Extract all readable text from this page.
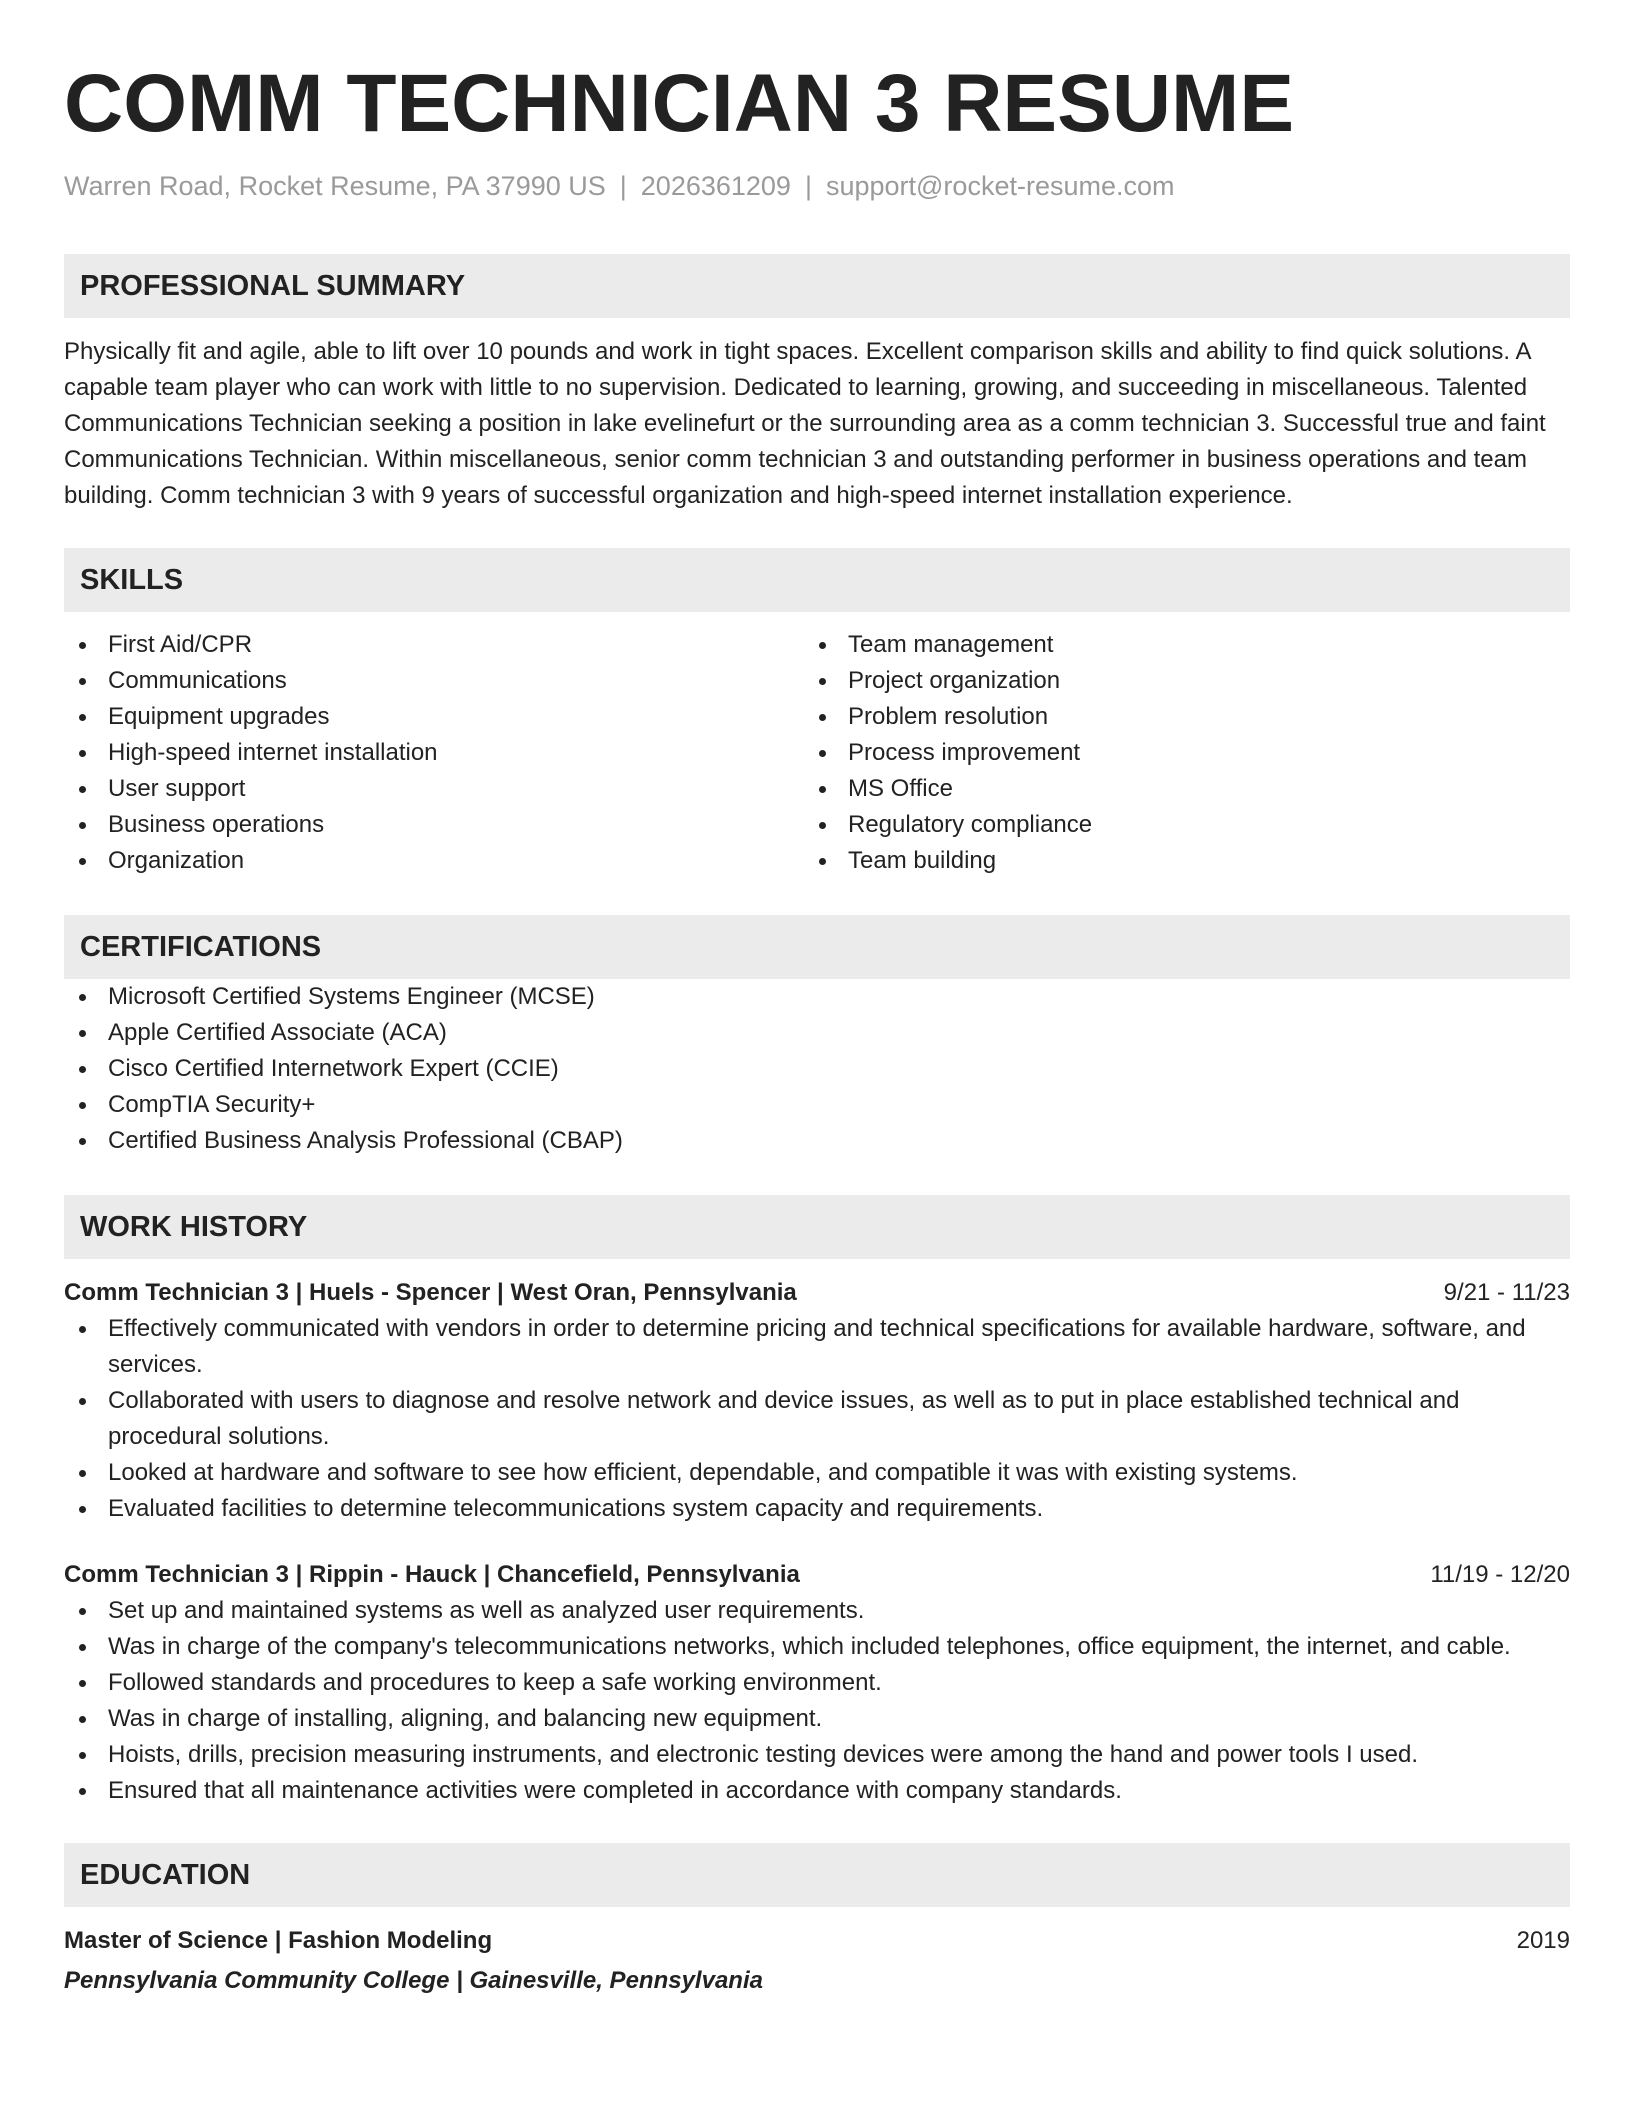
COMM TECHNICIAN 3 RESUME
Warren Road, Rocket Resume, PA 37990 US | 2026361209 | support@rocket-resume.com
PROFESSIONAL SUMMARY
Physically fit and agile, able to lift over 10 pounds and work in tight spaces. Excellent comparison skills and ability to find quick solutions. A capable team player who can work with little to no supervision. Dedicated to learning, growing, and succeeding in miscellaneous. Talented Communications Technician seeking a position in lake evelinefurt or the surrounding area as a comm technician 3. Successful true and faint Communications Technician. Within miscellaneous, senior comm technician 3 and outstanding performer in business operations and team building. Comm technician 3 with 9 years of successful organization and high-speed internet installation experience.
SKILLS
First Aid/CPR
Communications
Equipment upgrades
High-speed internet installation
User support
Business operations
Organization
Team management
Project organization
Problem resolution
Process improvement
MS Office
Regulatory compliance
Team building
CERTIFICATIONS
Microsoft Certified Systems Engineer (MCSE)
Apple Certified Associate (ACA)
Cisco Certified Internetwork Expert (CCIE)
CompTIA Security+
Certified Business Analysis Professional (CBAP)
WORK HISTORY
Comm Technician 3 | Huels - Spencer | West Oran, Pennsylvania	9/21 - 11/23
Effectively communicated with vendors in order to determine pricing and technical specifications for available hardware, software, and services.
Collaborated with users to diagnose and resolve network and device issues, as well as to put in place established technical and procedural solutions.
Looked at hardware and software to see how efficient, dependable, and compatible it was with existing systems.
Evaluated facilities to determine telecommunications system capacity and requirements.
Comm Technician 3 | Rippin - Hauck | Chancefield, Pennsylvania	11/19 - 12/20
Set up and maintained systems as well as analyzed user requirements.
Was in charge of the company's telecommunications networks, which included telephones, office equipment, the internet, and cable.
Followed standards and procedures to keep a safe working environment.
Was in charge of installing, aligning, and balancing new equipment.
Hoists, drills, precision measuring instruments, and electronic testing devices were among the hand and power tools I used.
Ensured that all maintenance activities were completed in accordance with company standards.
EDUCATION
Master of Science | Fashion Modeling	2019
Pennsylvania Community College | Gainesville, Pennsylvania
